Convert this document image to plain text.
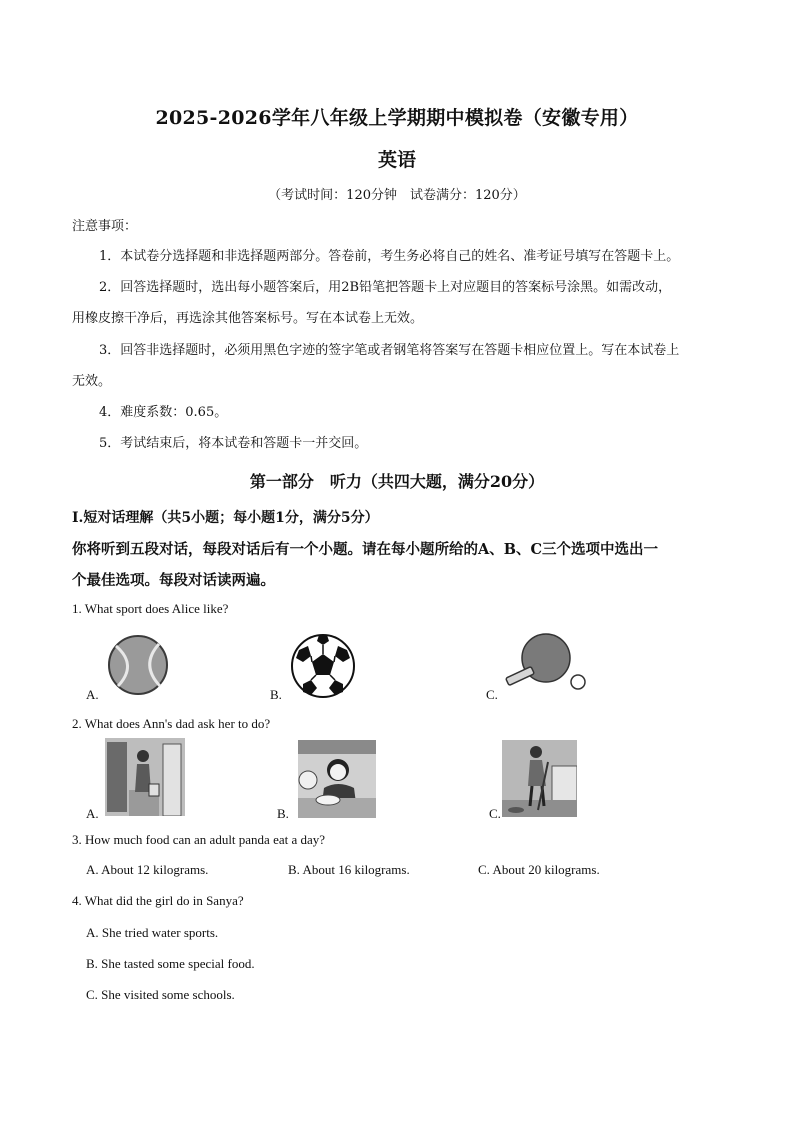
2025-2026学年八年级上学期期中模拟卷（安徽专用）
英语
（考试时间：120分钟　试卷满分：120分）
注意事项：
1．本试卷分选择题和非选择题两部分。答卷前，考生务必将自己的姓名、准考证号填写在答题卡上。
2．回答选择题时，选出每小题答案后，用2B铅笔把答题卡上对应题目的答案标号涂黑。如需改动，
用橡皮擦干净后，再选涂其他答案标号。写在本试卷上无效。
3．回答非选择题时，必须用黑色字迹的签字笔或者钢笔将答案写在答题卡相应位置上。写在本试卷上
无效。
4．难度系数：0.65。
5．考试结束后，将本试卷和答题卡一并交回。
第一部分　听力（共四大题，满分20分）
Ⅰ.短对话理解（共5小题；每小题1分，满分5分）
你将听到五段对话，每段对话后有一个小题。请在每小题所给的A、B、C三个选项中选出一
个最佳选项。每段对话读两遍。
1. What sport does Alice like?
A.	B.	C.
2. What does Ann's dad ask her to do?
A.	B.	C.
3. How much food can an adult panda eat a day?
A. About 12 kilograms.	B. About 16 kilograms.	C. About 20 kilograms.
4. What did the girl do in Sanya?
A. She tried water sports.
B. She tasted some special food.
C. She visited some schools.
